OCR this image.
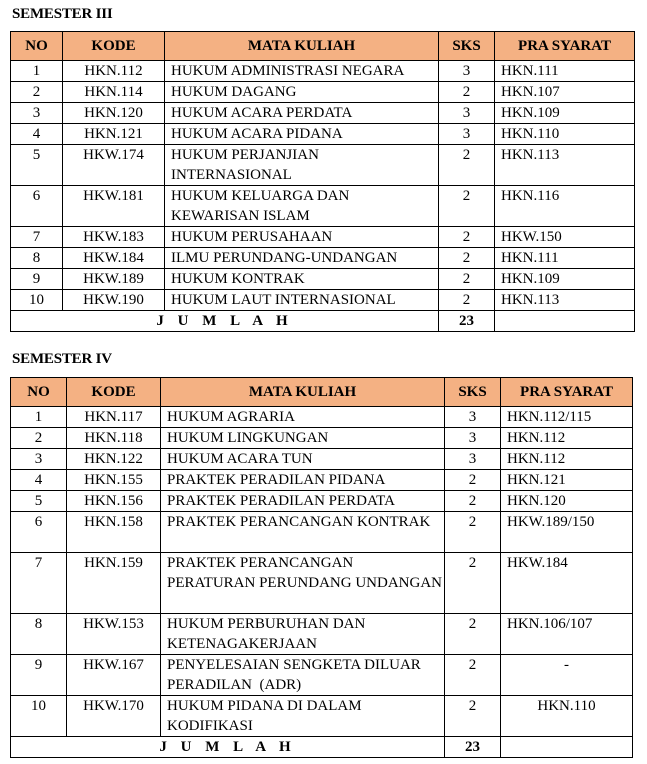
SEMESTER III
NO	KODE	MATA KULIAH	SKS	PRA SYARAT
1	HKN.112	HUKUM ADMINISTRASI NEGARA	3	HKN.111
2	HKN.114	HUKUM DAGANG	2	HKN.107
3	HKN.120	HUKUM ACARA PERDATA	3	HKN.109
4	HKN.121	HUKUM ACARA PIDANA	3	HKN.110
5	HKW.174	HUKUM PERJANJIAN INTERNASIONAL	2	HKN.113
6	HKW.181	HUKUM KELUARGA DAN KEWARISAN ISLAM	2	HKN.116
7	HKW.183	HUKUM PERUSAHAAN	2	HKW.150
8	HKW.184	ILMU PERUNDANG-UNDANGAN	2	HKN.111
9	HKW.189	HUKUM KONTRAK	2	HKN.109
10	HKW.190	HUKUM LAUT INTERNASIONAL	2	HKN.113
J U M L A H			23	
SEMESTER IV
NO	KODE	MATA KULIAH	SKS	PRA SYARAT
1	HKN.117	HUKUM AGRARIA	3	HKN.112/115
2	HKN.118	HUKUM LINGKUNGAN	3	HKN.112
3	HKN.122	HUKUM ACARA TUN	3	HKN.112
4	HKN.155	PRAKTEK PERADILAN PIDANA	2	HKN.121
5	HKN.156	PRAKTEK PERADILAN PERDATA	2	HKN.120
6	HKN.158	PRAKTEK PERANCANGAN KONTRAK	2	HKW.189/150
7	HKN.159	PRAKTEK PERANCANGAN PERATURAN PERUNDANG UNDANGAN	2	HKW.184
8	HKW.153	HUKUM PERBURUHAN DAN KETENAGAKERJAAN	2	HKN.106/107
9	HKW.167	PENYELESAIAN SENGKETA DILUAR PERADILAN  (ADR)	2	-
10	HKW.170	HUKUM PIDANA DI DALAM KODIFIKASI	2	HKN.110
J U M L A H			23	
